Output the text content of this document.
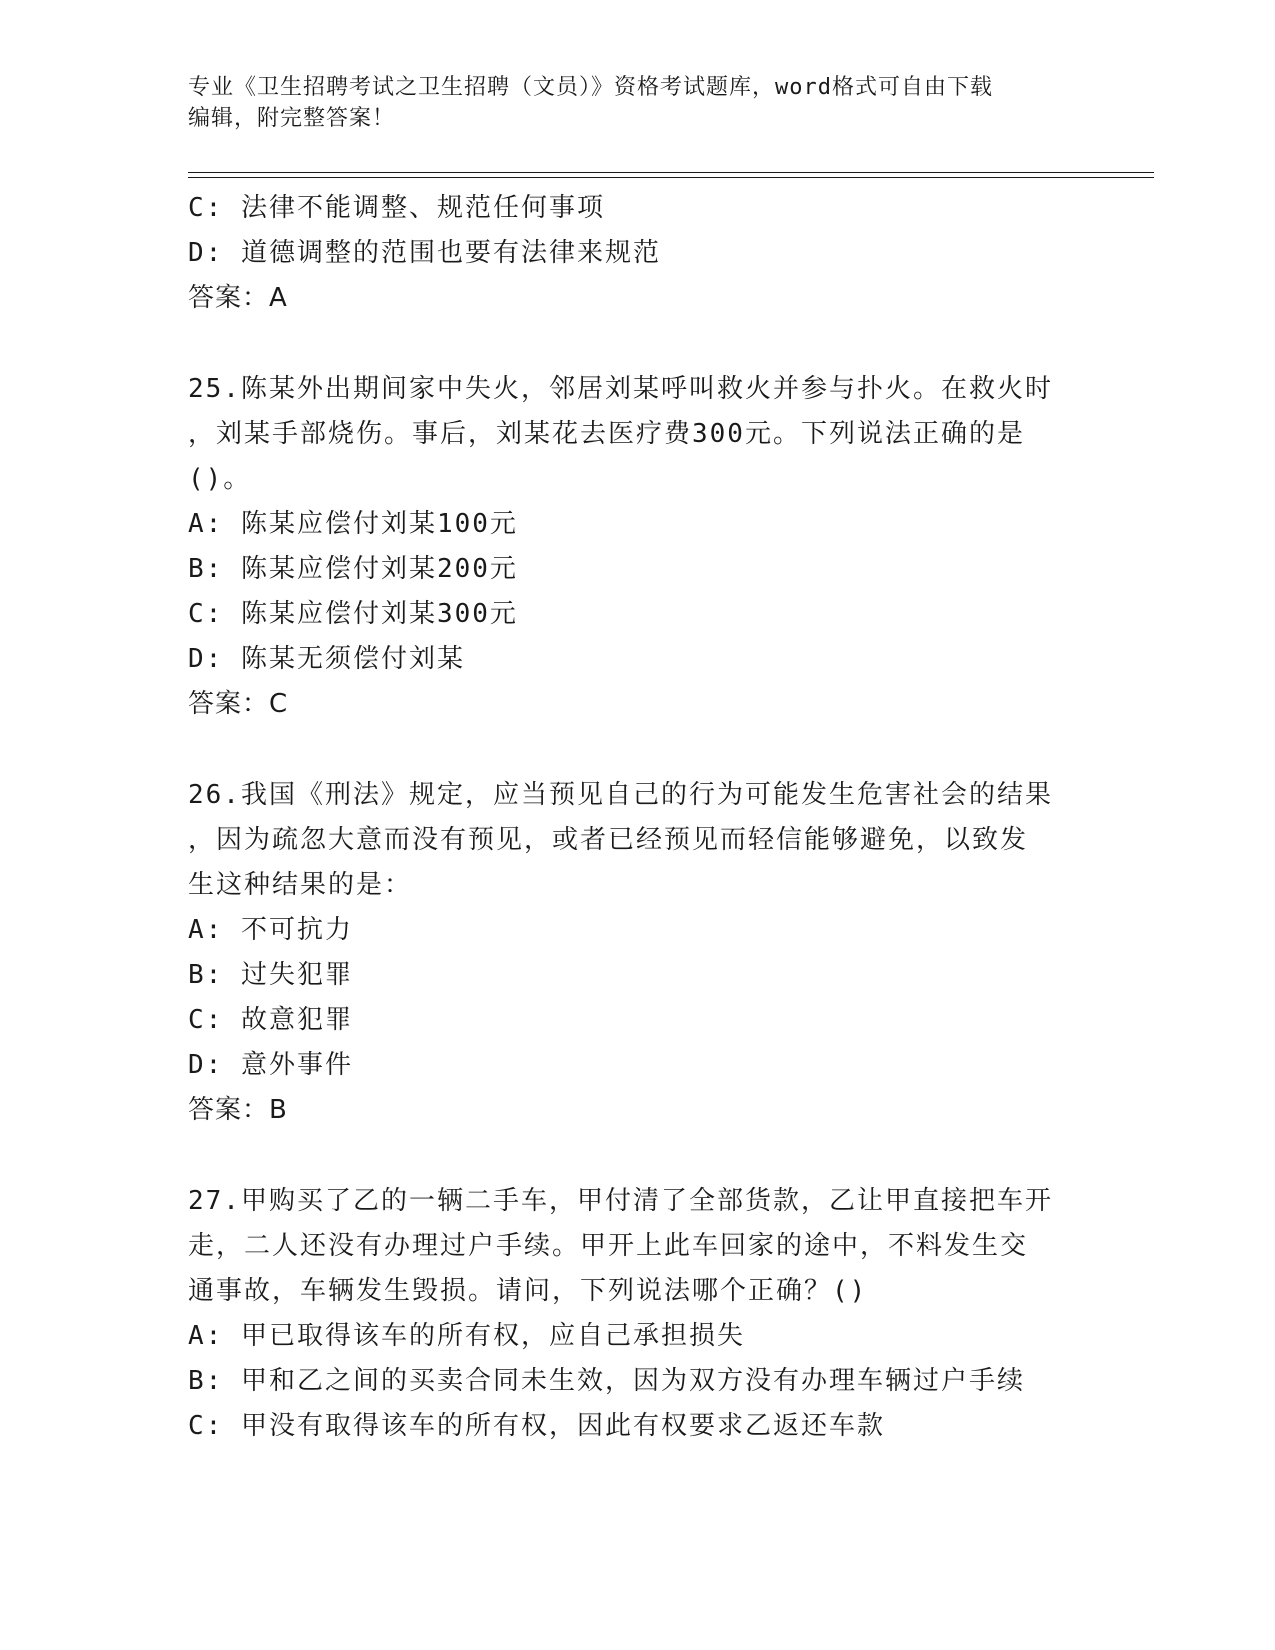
专业《卫生招聘考试之卫生招聘（文员）》资格考试题库，word格式可自由下载
编辑，附完整答案！
C: 法律不能调整、规范任何事项
D: 道德调整的范围也要有法律来规范
答案：A
25.陈某外出期间家中失火，邻居刘某呼叫救火并参与扑火。在救火时
，刘某手部烧伤。事后，刘某花去医疗费300元。下列说法正确的是
()。
A: 陈某应偿付刘某100元
B: 陈某应偿付刘某200元
C: 陈某应偿付刘某300元
D: 陈某无须偿付刘某
答案：C
26.我国《刑法》规定，应当预见自己的行为可能发生危害社会的结果
，因为疏忽大意而没有预见，或者已经预见而轻信能够避免，以致发
生这种结果的是：
A: 不可抗力
B: 过失犯罪
C: 故意犯罪
D: 意外事件
答案：B
27.甲购买了乙的一辆二手车，甲付清了全部货款，乙让甲直接把车开
走，二人还没有办理过户手续。甲开上此车回家的途中，不料发生交
通事故，车辆发生毁损。请问，下列说法哪个正确？()
A: 甲已取得该车的所有权，应自己承担损失
B: 甲和乙之间的买卖合同未生效，因为双方没有办理车辆过户手续
C: 甲没有取得该车的所有权，因此有权要求乙返还车款
